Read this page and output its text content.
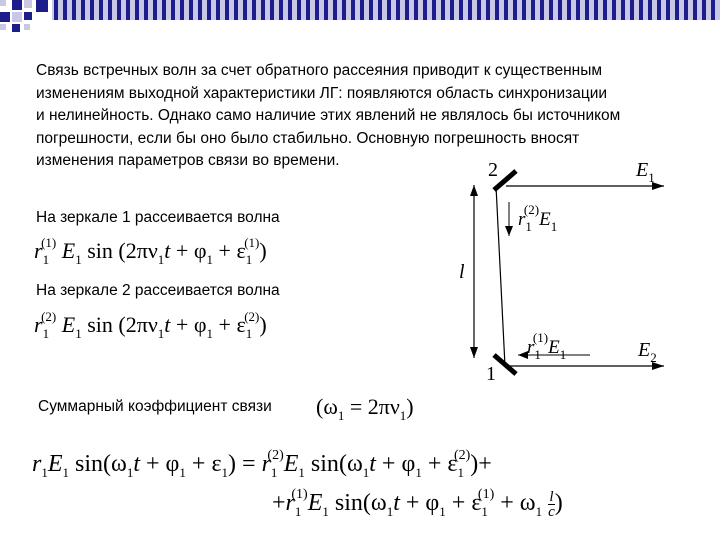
Связь встречных волн за счет обратного рассеяния приводит к существенным
изменениям выходной характеристики ЛГ: появляются область синхронизации
и нелинейность. Однако само наличие этих явлений не являлось бы источником
погрешности, если бы оно было стабильно. Основную погрешность вносят
изменения параметров связи во времени.
На зеркале 1 рассеивается волна
$r_1^{(1)}$ $E_1$ $\sin (2\pi\nu_1t + \varphi_1 + \varepsilon_1^{(1)})$
На зеркале 2 рассеивается волна
$r_1^{(2)}$ $E_1$ $\sin (2\pi\nu_1t + \varphi_1 + \varepsilon_1^{(2)})$
Суммарный коэффициент связи $(\omega_1 = 2\pi\nu_1)$
$r_1E_1$ $\sin(\omega_1t + \varphi_1 + \varepsilon_1) = r_1^{(2)}E_1$ $\sin(\omega_1t + \varphi_1 + \varepsilon_1^{(2)})+$
$+r_1^{(1)}E_1$ $\sin(\omega_1t + \varphi_1 + \varepsilon_1^{(1)} + \omega_1 \frac{l}{c}$ )
2
1
l
$E_1$
$E_2$
$r_1^{(2)}E_1$
$r_1^{(1)}E_1$
